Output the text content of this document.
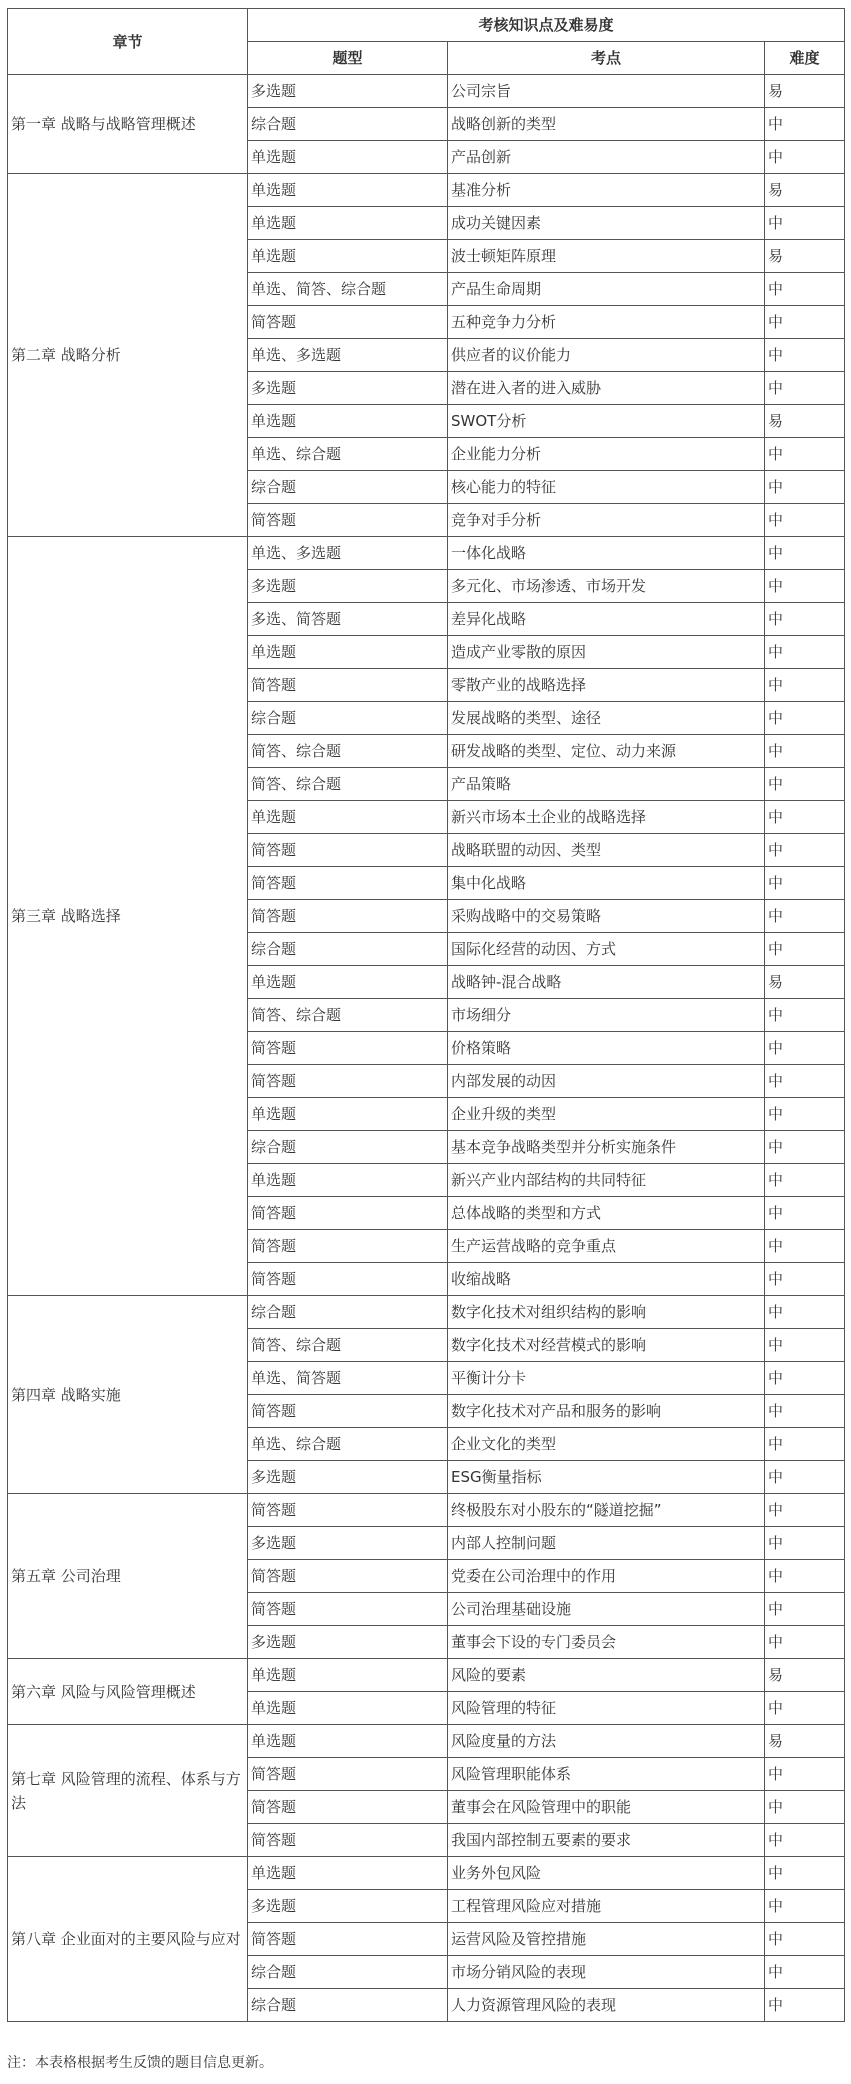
章节	考核知识点及难易度		
	题型	考点	难度
第一章 战略与战略管理概述	多选题	公司宗旨	易
	综合题	战略创新的类型	中
	单选题	产品创新	中
第二章 战略分析	单选题	基准分析	易
	单选题	成功关键因素	中
	单选题	波士顿矩阵原理	易
	单选、简答、综合题	产品生命周期	中
	简答题	五种竞争力分析	中
	单选、多选题	供应者的议价能力	中
	多选题	潜在进入者的进入威胁	中
	单选题	SWOT分析	易
	单选、综合题	企业能力分析	中
	综合题	核心能力的特征	中
	简答题	竞争对手分析	中
第三章 战略选择	单选、多选题	一体化战略	中
	多选题	多元化、市场渗透、市场开发	中
	多选、简答题	差异化战略	中
	单选题	造成产业零散的原因	中
	简答题	零散产业的战略选择	中
	综合题	发展战略的类型、途径	中
	简答、综合题	研发战略的类型、定位、动力来源	中
	简答、综合题	产品策略	中
	单选题	新兴市场本土企业的战略选择	中
	简答题	战略联盟的动因、类型	中
	简答题	集中化战略	中
	简答题	采购战略中的交易策略	中
	综合题	国际化经营的动因、方式	中
	单选题	战略钟-混合战略	易
	简答、综合题	市场细分	中
	简答题	价格策略	中
	简答题	内部发展的动因	中
	单选题	企业升级的类型	中
	综合题	基本竞争战略类型并分析实施条件	中
	单选题	新兴产业内部结构的共同特征	中
	简答题	总体战略的类型和方式	中
	简答题	生产运营战略的竞争重点	中
	简答题	收缩战略	中
第四章 战略实施	综合题	数字化技术对组织结构的影响	中
	简答、综合题	数字化技术对经营模式的影响	中
	单选、简答题	平衡计分卡	中
	简答题	数字化技术对产品和服务的影响	中
	单选、综合题	企业文化的类型	中
	多选题	ESG衡量指标	中
第五章 公司治理	简答题	终极股东对小股东的“隧道挖掘”	中
	多选题	内部人控制问题	中
	简答题	党委在公司治理中的作用	中
	简答题	公司治理基础设施	中
	多选题	董事会下设的专门委员会	中
第六章 风险与风险管理概述	单选题	风险的要素	易
	单选题	风险管理的特征	中
第七章 风险管理的流程、体系与方法	单选题	风险度量的方法	易
	简答题	风险管理职能体系	中
	简答题	董事会在风险管理中的职能	中
	简答题	我国内部控制五要素的要求	中
第八章 企业面对的主要风险与应对	单选题	业务外包风险	中
	多选题	工程管理风险应对措施	中
	简答题	运营风险及管控措施	中
	综合题	市场分销风险的表现	中
	综合题	人力资源管理风险的表现	中
注：本表格根据考生反馈的题目信息更新。
